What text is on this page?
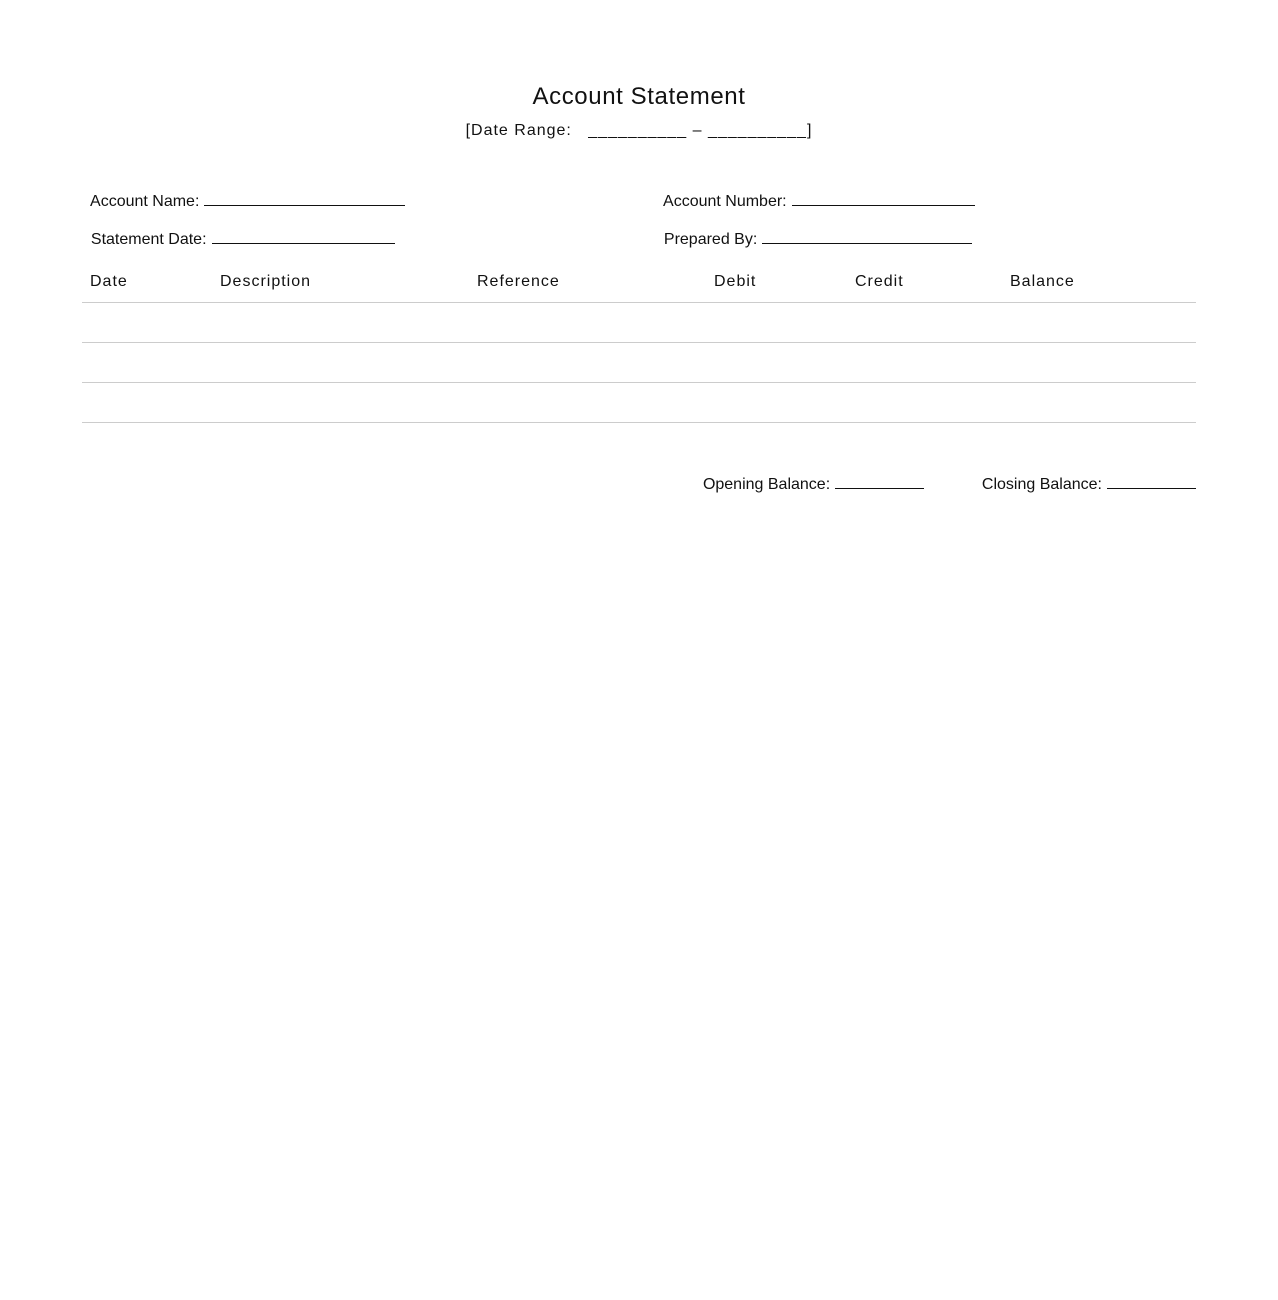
Account Statement
[Date Range:   __________ – __________]

Account Name:

Statement Date:

Account Number:

Prepared By:

Date	Description	Reference	Debit	Credit	Balance

Opening Balance:
	Closing Balance:
